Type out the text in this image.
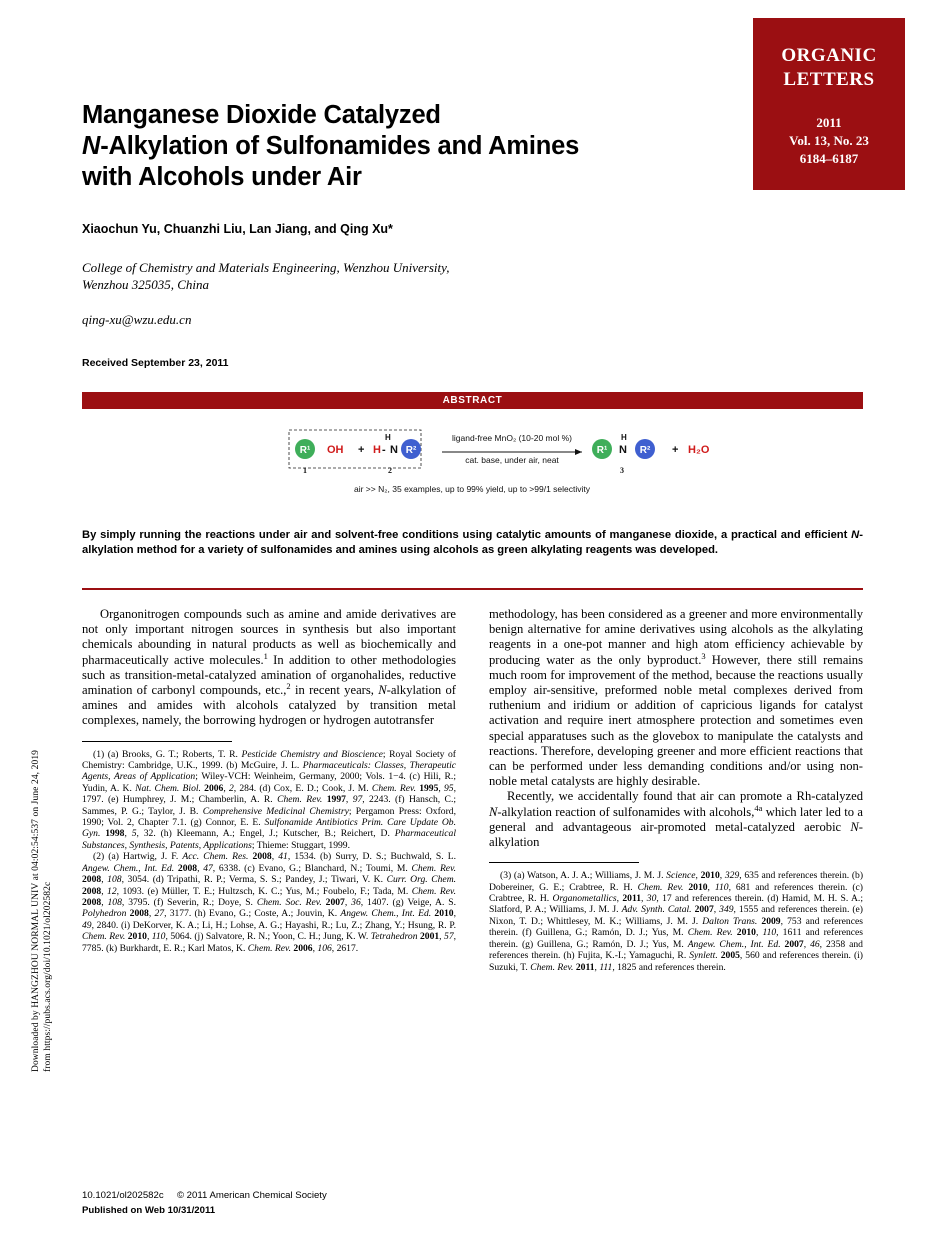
Downloaded by HANGZHOU NORMAL UNIV at 04:02:54:537 on June 24, 2019 from https://pubs.acs.org/doi/10.1021/ol202582c
ORGANIC
LETTERS
2011
Vol. 13, No. 23
6184–6187
Manganese Dioxide Catalyzed
N-Alkylation of Sulfonamides and Amines
with Alcohols under Air
Xiaochun Yu, Chuanzhi Liu, Lan Jiang, and Qing Xu*
College of Chemistry and Materials Engineering, Wenzhou University,
Wenzhou 325035, China
qing-xu@wzu.edu.cn
Received September 23, 2011
ABSTRACT
R¹ OH + H - N
H
R²
1	2
ligand-free MnO₂ (10-20 mol %)
cat. base, under air, neat
R¹ N
H
R²
3
+ H₂O
air >> N₂, 35 examples, up to 99% yield, up to >99/1 selectivity
By simply running the reactions under air and solvent-free conditions using catalytic amounts of manganese dioxide, a practical and efficient N-alkylation method for a variety of sulfonamides and amines using alcohols as green alkylating reagents was developed.

Organonitrogen compounds such as amine and amide derivatives are not only important nitrogen sources in synthesis but also important chemicals abounding in natural products as well as biochemically and pharmaceutically active molecules.$^1$ In addition to other methodologies such as transition-metal-catalyzed amination of organohalides, reductive amination of carbonyl compounds, etc.,$^2$ in recent years, N-alkylation of amines and amides with alcohols catalyzed by transition metal complexes, namely, the borrowing hydrogen or hydrogen autotransfer

(1) (a) Brooks, G. T.; Roberts, T. R. Pesticide Chemistry and Bioscience; Royal Society of Chemistry: Cambridge, U.K., 1999. (b) McGuire, J. L. Pharmaceuticals: Classes, Therapeutic Agents, Areas of Application; Wiley-VCH: Weinheim, Germany, 2000; Vols. 1−4. (c) Hili, R.; Yudin, A. K. Nat. Chem. Biol. 2006, 2, 284. (d) Cox, E. D.; Cook, J. M. Chem. Rev. 1995, 95, 1797. (e) Humphrey, J. M.; Chamberlin, A. R. Chem. Rev. 1997, 97, 2243. (f) Hansch, C.; Sammes, P. G.; Taylor, J. B. Comprehensive Medicinal Chemistry; Pergamon Press: Oxford, 1990; Vol. 2, Chapter 7.1. (g) Connor, E. E. Sulfonamide Antibiotics Prim. Care Update Ob. Gyn. 1998, 5, 32. (h) Kleemann, A.; Engel, J.; Kutscher, B.; Reichert, D. Pharmaceutical Substances, Synthesis, Patents, Applications; Thieme: Stuggart, 1999.

(2) (a) Hartwig, J. F. Acc. Chem. Res. 2008, 41, 1534. (b) Surry, D. S.; Buchwald, S. L. Angew. Chem., Int. Ed. 2008, 47, 6338. (c) Evano, G.; Blanchard, N.; Toumi, M. Chem. Rev. 2008, 108, 3054. (d) Tripathi, R. P.; Verma, S. S.; Pandey, J.; Tiwari, V. K. Curr. Org. Chem. 2008, 12, 1093. (e) Müller, T. E.; Hultzsch, K. C.; Yus, M.; Foubelo, F.; Tada, M. Chem. Rev. 2008, 108, 3795. (f) Severin, R.; Doye, S. Chem. Soc. Rev. 2007, 36, 1407. (g) Veige, A. S. Polyhedron 2008, 27, 3177. (h) Evano, G.; Coste, A.; Jouvin, K. Angew. Chem., Int. Ed. 2010, 49, 2840. (i) DeKorver, K. A.; Li, H.; Lohse, A. G.; Hayashi, R.; Lu, Z.; Zhang, Y.; Hsung, R. P. Chem. Rev. 2010, 110, 5064. (j) Salvatore, R. N.; Yoon, C. H.; Jung, K. W. Tetrahedron 2001, 57, 7785. (k) Burkhardt, E. R.; Karl Matos, K. Chem. Rev. 2006, 106, 2617.

methodology, has been considered as a greener and more environmentally benign alternative for amine derivatives using alcohols as the alkylating reagents in a one-pot manner and high atom efficiency achievable by producing water as the only byproduct.$^3$ However, there still remains much room for improvement of the method, because the reactions usually employ air-sensitive, preformed noble metal complexes derived from ruthenium and iridium or addition of capricious ligands for catalyst activation and require inert atmosphere protection and sometimes even special apparatuses such as the glovebox to manipulate the catalysts and reactions. Therefore, developing greener and more efficient reactions that can be performed under less demanding conditions and/or using non-noble metal catalysts are highly desirable.

Recently, we accidentally found that air can promote a Rh-catalyzed N-alkylation reaction of sulfonamides with alcohols,$^{4a}$ which later led to a general and advantageous air-promoted metal-catalyzed aerobic N-alkylation

(3) (a) Watson, A. J. A.; Williams, J. M. J. Science, 2010, 329, 635 and references therein. (b) Dobereiner, G. E.; Crabtree, R. H. Chem. Rev. 2010, 110, 681 and references therein. (c) Crabtree, R. H. Organometallics, 2011, 30, 17 and references therein. (d) Hamid, M. H. S. A.; Slatford, P. A.; Williams, J. M. J. Adv. Synth. Catal. 2007, 349, 1555 and references therein. (e) Nixon, T. D.; Whittlesey, M. K.; Williams, J. M. J. Dalton Trans. 2009, 753 and references therein. (f) Guillena, G.; Ramón, D. J.; Yus, M. Chem. Rev. 2010, 110, 1611 and references therein. (g) Guillena, G.; Ramón, D. J.; Yus, M. Angew. Chem., Int. Ed. 2007, 46, 2358 and references therein. (h) Fujita, K.-I.; Yamaguchi, R. Synlett. 2005, 560 and references therein. (i) Suzuki, T. Chem. Rev. 2011, 111, 1825 and references therein.

10.1021/ol202582c © 2011 American Chemical Society
Published on Web 10/31/2011
